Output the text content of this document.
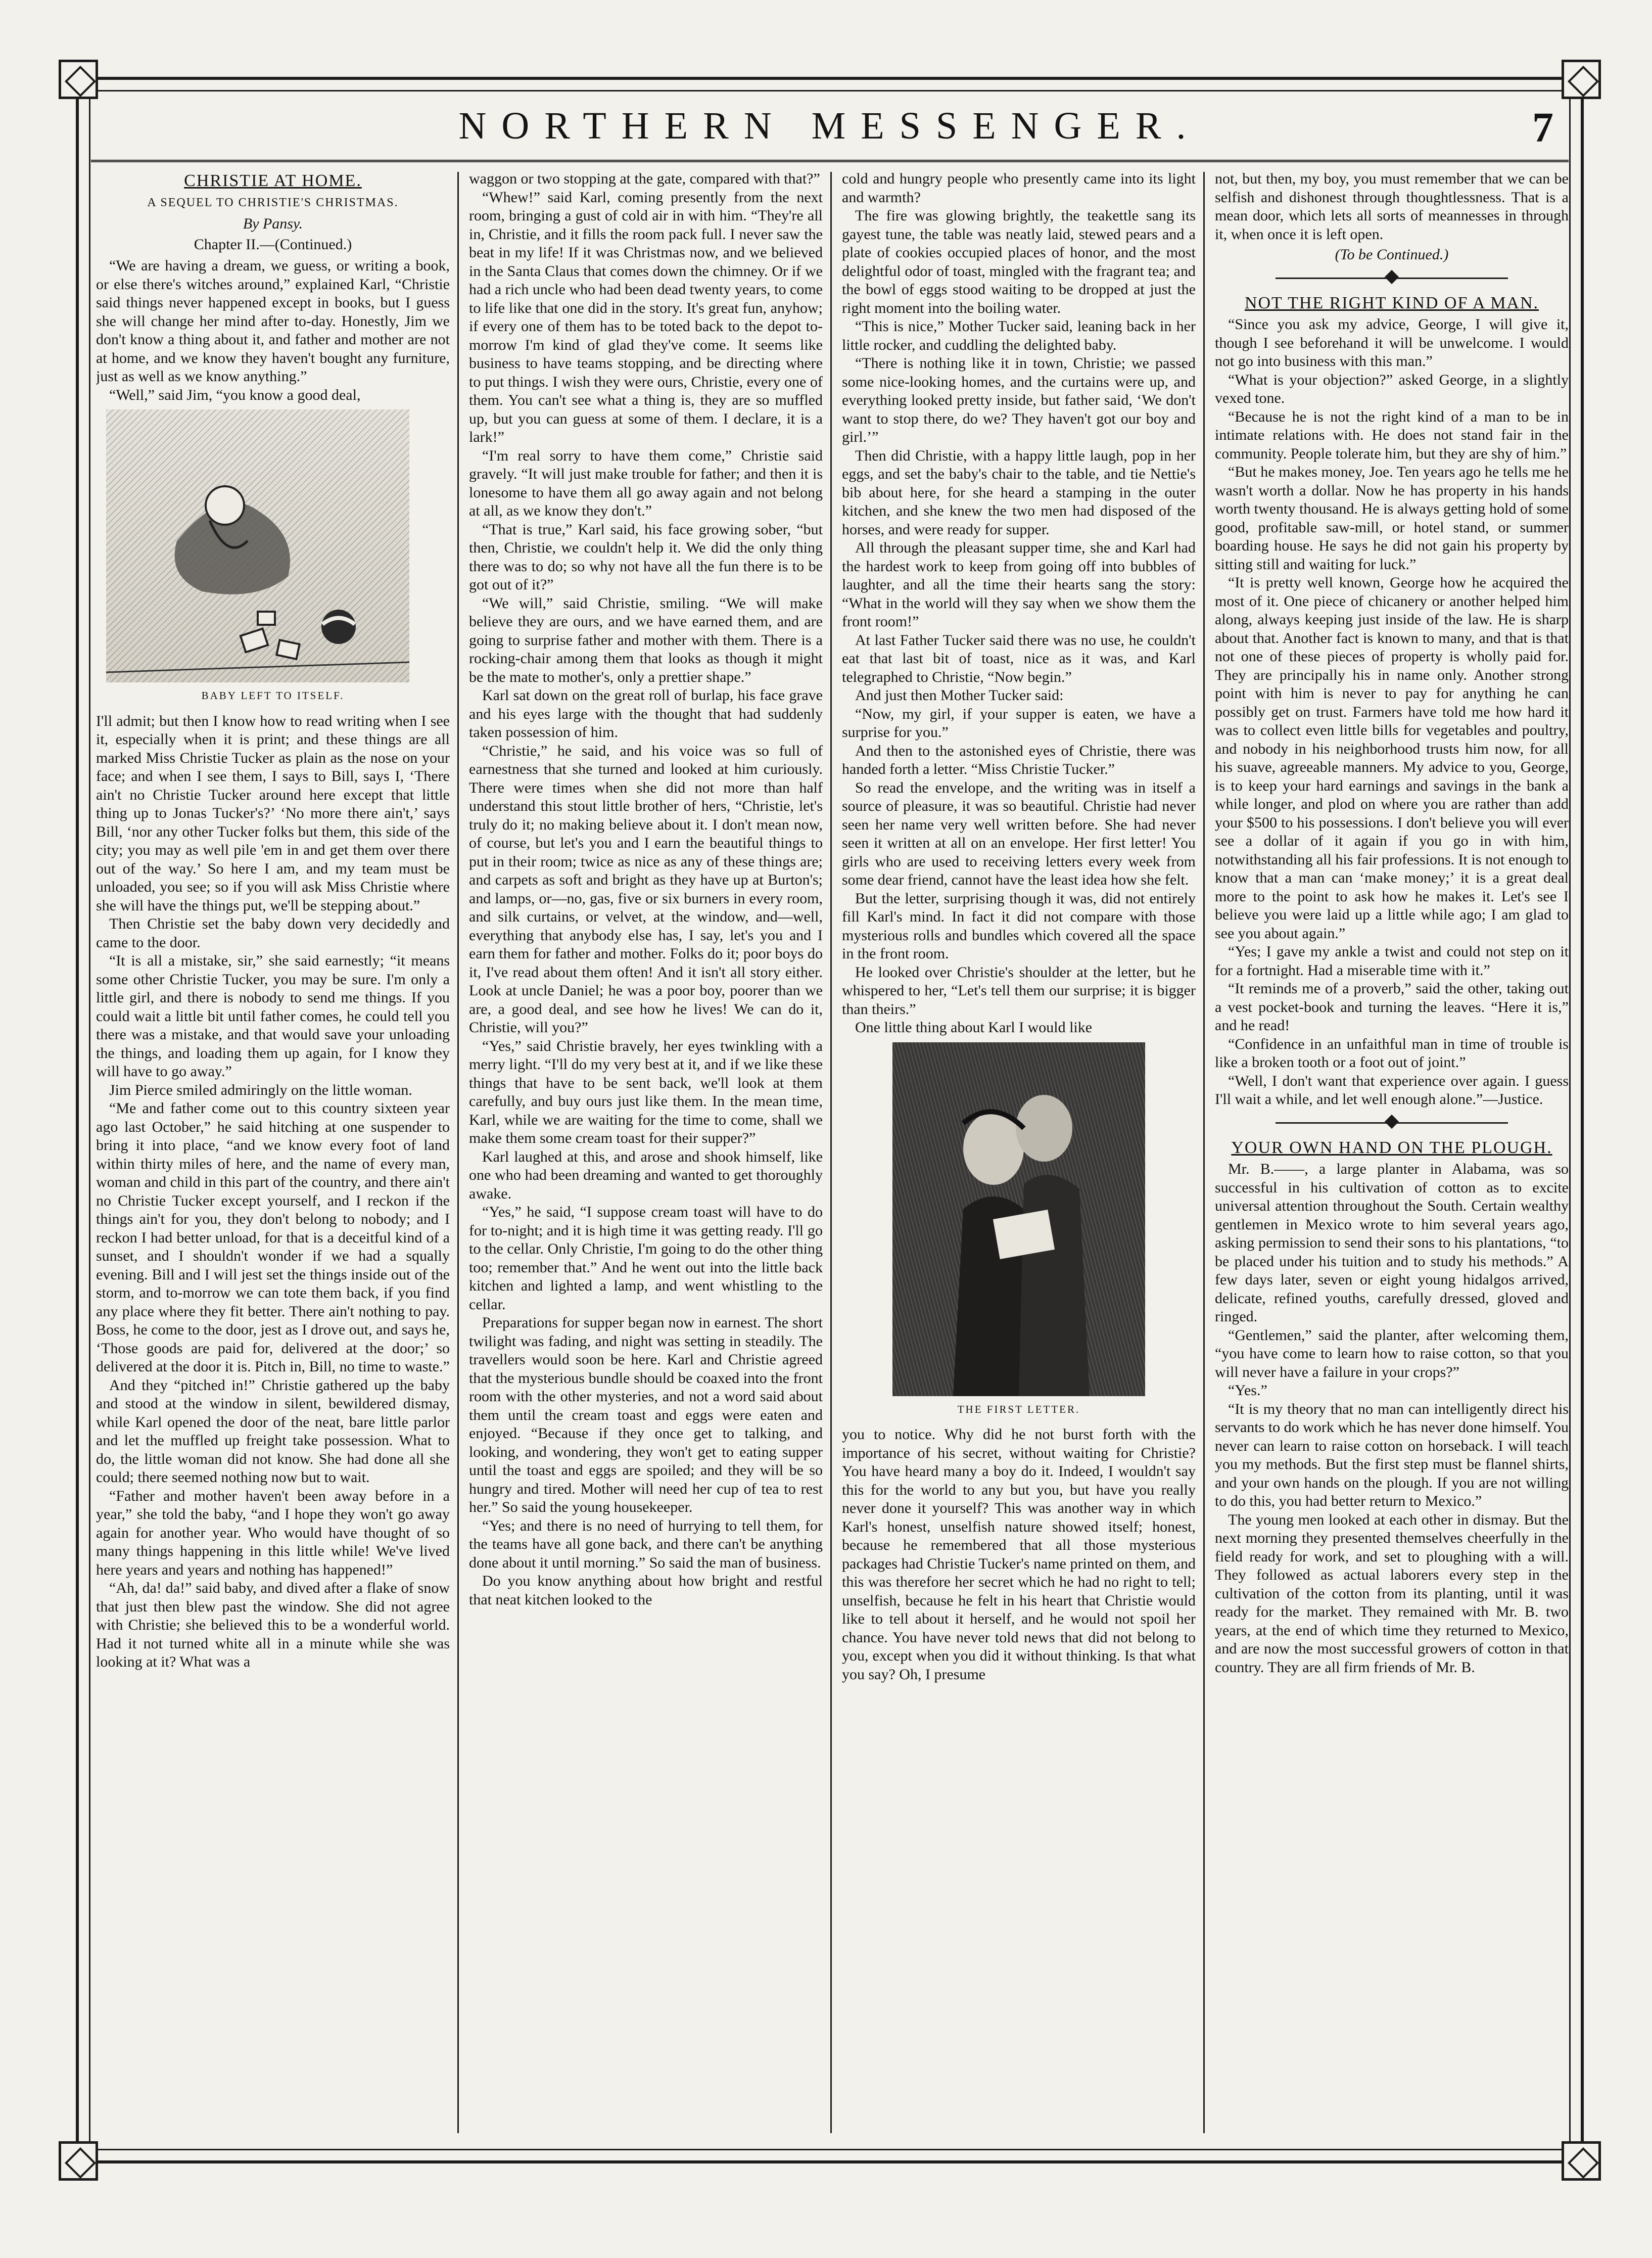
NORTHERN MESSENGER.	7
CHRISTIE AT HOME.
A SEQUEL TO CHRISTIE'S CHRISTMAS.
By Pansy.
Chapter II.—(Continued.)

“We are having a dream, we guess, or writing a book, or else there's witches around,” explained Karl, “Christie said things never happened except in books, but I guess she will change her mind after to-day. Honestly, Jim we don't know a thing about it, and father and mother are not at home, and we know they haven't bought any furniture, just as well as we know anything.”

“Well,” said Jim, “you know a good deal,

BABY LEFT TO ITSELF.

I'll admit; but then I know how to read writing when I see it, especially when it is print; and these things are all marked Miss Christie Tucker as plain as the nose on your face; and when I see them, I says to Bill, says I, ‘There ain't no Christie Tucker around here except that little thing up to Jonas Tucker's?’ ‘No more there ain't,’ says Bill, ‘nor any other Tucker folks but them, this side of the city; you may as well pile 'em in and get them over there out of the way.’ So here I am, and my team must be unloaded, you see; so if you will ask Miss Christie where she will have the things put, we'll be stepping about.”

Then Christie set the baby down very decidedly and came to the door.

“It is all a mistake, sir,” she said earnestly; “it means some other Christie Tucker, you may be sure. I'm only a little girl, and there is nobody to send me things. If you could wait a little bit until father comes, he could tell you there was a mistake, and that would save your unloading the things, and loading them up again, for I know they will have to go away.”

Jim Pierce smiled admiringly on the little woman.

“Me and father come out to this country sixteen year ago last October,” he said hitching at one suspender to bring it into place, “and we know every foot of land within thirty miles of here, and the name of every man, woman and child in this part of the country, and there ain't no Christie Tucker except yourself, and I reckon if the things ain't for you, they don't belong to nobody; and I reckon I had better unload, for that is a deceitful kind of a sunset, and I shouldn't wonder if we had a squally evening. Bill and I will jest set the things inside out of the storm, and to-morrow we can tote them back, if you find any place where they fit better. There ain't nothing to pay. Boss, he come to the door, jest as I drove out, and says he, ‘Those goods are paid for, delivered at the door;’ so delivered at the door it is. Pitch in, Bill, no time to waste.”

And they “pitched in!” Christie gathered up the baby and stood at the window in silent, bewildered dismay, while Karl opened the door of the neat, bare little parlor and let the muffled up freight take possession. What to do, the little woman did not know. She had done all she could; there seemed nothing now but to wait.

“Father and mother haven't been away before in a year,” she told the baby, “and I hope they won't go away again for another year. Who would have thought of so many things happening in this little while! We've lived here years and years and nothing has happened!”

“Ah, da! da!” said baby, and dived after a flake of snow that just then blew past the window. She did not agree with Christie; she believed this to be a wonderful world. Had it not turned white all in a minute while she was looking at it? What was a

waggon or two stopping at the gate, compared with that?”

“Whew!” said Karl, coming presently from the next room, bringing a gust of cold air in with him. “They're all in, Christie, and it fills the room pack full. I never saw the beat in my life! If it was Christmas now, and we believed in the Santa Claus that comes down the chimney. Or if we had a rich uncle who had been dead twenty years, to come to life like that one did in the story. It's great fun, anyhow; if every one of them has to be toted back to the depot to-morrow I'm kind of glad they've come. It seems like business to have teams stopping, and be directing where to put things. I wish they were ours, Christie, every one of them. You can't see what a thing is, they are so muffled up, but you can guess at some of them. I declare, it is a lark!”

“I'm real sorry to have them come,” Christie said gravely. “It will just make trouble for father; and then it is lonesome to have them all go away again and not belong at all, as we know they don't.”

“That is true,” Karl said, his face growing sober, “but then, Christie, we couldn't help it. We did the only thing there was to do; so why not have all the fun there is to be got out of it?”

“We will,” said Christie, smiling. “We will make believe they are ours, and we have earned them, and are going to surprise father and mother with them. There is a rocking-chair among them that looks as though it might be the mate to mother's, only a prettier shape.”

Karl sat down on the great roll of burlap, his face grave and his eyes large with the thought that had suddenly taken possession of him.

“Christie,” he said, and his voice was so full of earnestness that she turned and looked at him curiously. There were times when she did not more than half understand this stout little brother of hers, “Christie, let's truly do it; no making believe about it. I don't mean now, of course, but let's you and I earn the beautiful things to put in their room; twice as nice as any of these things are; and carpets as soft and bright as they have up at Burton's; and lamps, or—no, gas, five or six burners in every room, and silk curtains, or velvet, at the window, and—well, everything that anybody else has, I say, let's you and I earn them for father and mother. Folks do it; poor boys do it, I've read about them often! And it isn't all story either. Look at uncle Daniel; he was a poor boy, poorer than we are, a good deal, and see how he lives! We can do it, Christie, will you?”

“Yes,” said Christie bravely, her eyes twinkling with a merry light. “I'll do my very best at it, and if we like these things that have to be sent back, we'll look at them carefully, and buy ours just like them. In the mean time, Karl, while we are waiting for the time to come, shall we make them some cream toast for their supper?”

Karl laughed at this, and arose and shook himself, like one who had been dreaming and wanted to get thoroughly awake.

“Yes,” he said, “I suppose cream toast will have to do for to-night; and it is high time it was getting ready. I'll go to the cellar. Only Christie, I'm going to do the other thing too; remember that.” And he went out into the little back kitchen and lighted a lamp, and went whistling to the cellar.

Preparations for supper began now in earnest. The short twilight was fading, and night was setting in steadily. The travellers would soon be here. Karl and Christie agreed that the mysterious bundle should be coaxed into the front room with the other mysteries, and not a word said about them until the cream toast and eggs were eaten and enjoyed. “Because if they once get to talking, and looking, and wondering, they won't get to eating supper until the toast and eggs are spoiled; and they will be so hungry and tired. Mother will need her cup of tea to rest her.” So said the young housekeeper.

“Yes; and there is no need of hurrying to tell them, for the teams have all gone back, and there can't be anything done about it until morning.” So said the man of business.

Do you know anything about how bright and restful that neat kitchen looked to the

cold and hungry people who presently came into its light and warmth?

The fire was glowing brightly, the teakettle sang its gayest tune, the table was neatly laid, stewed pears and a plate of cookies occupied places of honor, and the most delightful odor of toast, mingled with the fragrant tea; and the bowl of eggs stood waiting to be dropped at just the right moment into the boiling water.

“This is nice,” Mother Tucker said, leaning back in her little rocker, and cuddling the delighted baby.

“There is nothing like it in town, Christie; we passed some nice-looking homes, and the curtains were up, and everything looked pretty inside, but father said, ‘We don't want to stop there, do we? They haven't got our boy and girl.’”

Then did Christie, with a happy little laugh, pop in her eggs, and set the baby's chair to the table, and tie Nettie's bib about here, for she heard a stamping in the outer kitchen, and she knew the two men had disposed of the horses, and were ready for supper.

All through the pleasant supper time, she and Karl had the hardest work to keep from going off into bubbles of laughter, and all the time their hearts sang the story: “What in the world will they say when we show them the front room!”

At last Father Tucker said there was no use, he couldn't eat that last bit of toast, nice as it was, and Karl telegraphed to Christie, “Now begin.”

And just then Mother Tucker said:

“Now, my girl, if your supper is eaten, we have a surprise for you.”

And then to the astonished eyes of Christie, there was handed forth a letter. “Miss Christie Tucker.”

So read the envelope, and the writing was in itself a source of pleasure, it was so beautiful. Christie had never seen her name very well written before. She had never seen it written at all on an envelope. Her first letter! You girls who are used to receiving letters every week from some dear friend, cannot have the least idea how she felt.

But the letter, surprising though it was, did not entirely fill Karl's mind. In fact it did not compare with those mysterious rolls and bundles which covered all the space in the front room.

He looked over Christie's shoulder at the letter, but he whispered to her, “Let's tell them our surprise; it is bigger than theirs.”

One little thing about Karl I would like

THE FIRST LETTER.

you to notice. Why did he not burst forth with the importance of his secret, without waiting for Christie? You have heard many a boy do it. Indeed, I wouldn't say this for the world to any but you, but have you really never done it yourself? This was another way in which Karl's honest, unselfish nature showed itself; honest, because he remembered that all those mysterious packages had Christie Tucker's name printed on them, and this was therefore her secret which he had no right to tell; unselfish, because he felt in his heart that Christie would like to tell about it herself, and he would not spoil her chance. You have never told news that did not belong to you, except when you did it without thinking. Is that what you say? Oh, I presume

not, but then, my boy, you must remember that we can be selfish and dishonest through thoughtlessness. That is a mean door, which lets all sorts of meannesses in through it, when once it is left open.

(To be Continued.)

NOT THE RIGHT KIND OF A MAN.

“Since you ask my advice, George, I will give it, though I see beforehand it will be unwelcome. I would not go into business with this man.”

“What is your objection?” asked George, in a slightly vexed tone.

“Because he is not the right kind of a man to be in intimate relations with. He does not stand fair in the community. People tolerate him, but they are shy of him.”

“But he makes money, Joe. Ten years ago he tells me he wasn't worth a dollar. Now he has property in his hands worth twenty thousand. He is always getting hold of some good, profitable saw-mill, or hotel stand, or summer boarding house. He says he did not gain his property by sitting still and waiting for luck.”

“It is pretty well known, George how he acquired the most of it. One piece of chicanery or another helped him along, always keeping just inside of the law. He is sharp about that. Another fact is known to many, and that is that not one of these pieces of property is wholly paid for. They are principally his in name only. Another strong point with him is never to pay for anything he can possibly get on trust. Farmers have told me how hard it was to collect even little bills for vegetables and poultry, and nobody in his neighborhood trusts him now, for all his suave, agreeable manners. My advice to you, George, is to keep your hard earnings and savings in the bank a while longer, and plod on where you are rather than add your $500 to his possessions. I don't believe you will ever see a dollar of it again if you go in with him, notwithstanding all his fair professions. It is not enough to know that a man can ‘make money;’ it is a great deal more to the point to ask how he makes it. Let's see I believe you were laid up a little while ago; I am glad to see you about again.”

“Yes; I gave my ankle a twist and could not step on it for a fortnight. Had a miserable time with it.”

“It reminds me of a proverb,” said the other, taking out a vest pocket-book and turning the leaves. “Here it is,” and he read!

“Confidence in an unfaithful man in time of trouble is like a broken tooth or a foot out of joint.”

“Well, I don't want that experience over again. I guess I'll wait a while, and let well enough alone.”—Justice.

YOUR OWN HAND ON THE PLOUGH.

Mr. B.——, a large planter in Alabama, was so successful in his cultivation of cotton as to excite universal attention throughout the South. Certain wealthy gentlemen in Mexico wrote to him several years ago, asking permission to send their sons to his plantations, “to be placed under his tuition and to study his methods.” A few days later, seven or eight young hidalgos arrived, delicate, refined youths, carefully dressed, gloved and ringed.

“Gentlemen,” said the planter, after welcoming them, “you have come to learn how to raise cotton, so that you will never have a failure in your crops?”

“Yes.”

“It is my theory that no man can intelligently direct his servants to do work which he has never done himself. You never can learn to raise cotton on horseback. I will teach you my methods. But the first step must be flannel shirts, and your own hands on the plough. If you are not willing to do this, you had better return to Mexico.”

The young men looked at each other in dismay. But the next morning they presented themselves cheerfully in the field ready for work, and set to ploughing with a will. They followed as actual laborers every step in the cultivation of the cotton from its planting, until it was ready for the market. They remained with Mr. B. two years, at the end of which time they returned to Mexico, and are now the most successful growers of cotton in that country. They are all firm friends of Mr. B.
